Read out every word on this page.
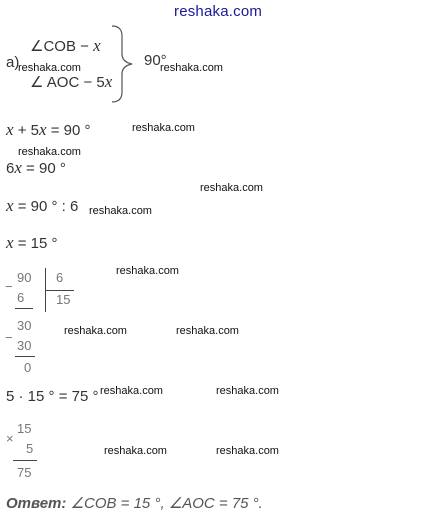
reshaka.com
а)
∠COB − x
∠ AOC − 5x
90°
x + 5x = 90 °
6x = 90 °
x = 90 ° : 6
x = 15 °
−
90 6
6 15
−
30
30
0
5 · 15 ° = 75 °
×
15
5
75
Ответ: ∠COB = 15 °, ∠AOC = 75 °.
reshaka.com	reshaka.com
reshaka.com
reshaka.com
reshaka.com
reshaka.com
reshaka.com
reshaka.com	reshaka.com
reshaka.com	reshaka.com
reshaka.com	reshaka.com
